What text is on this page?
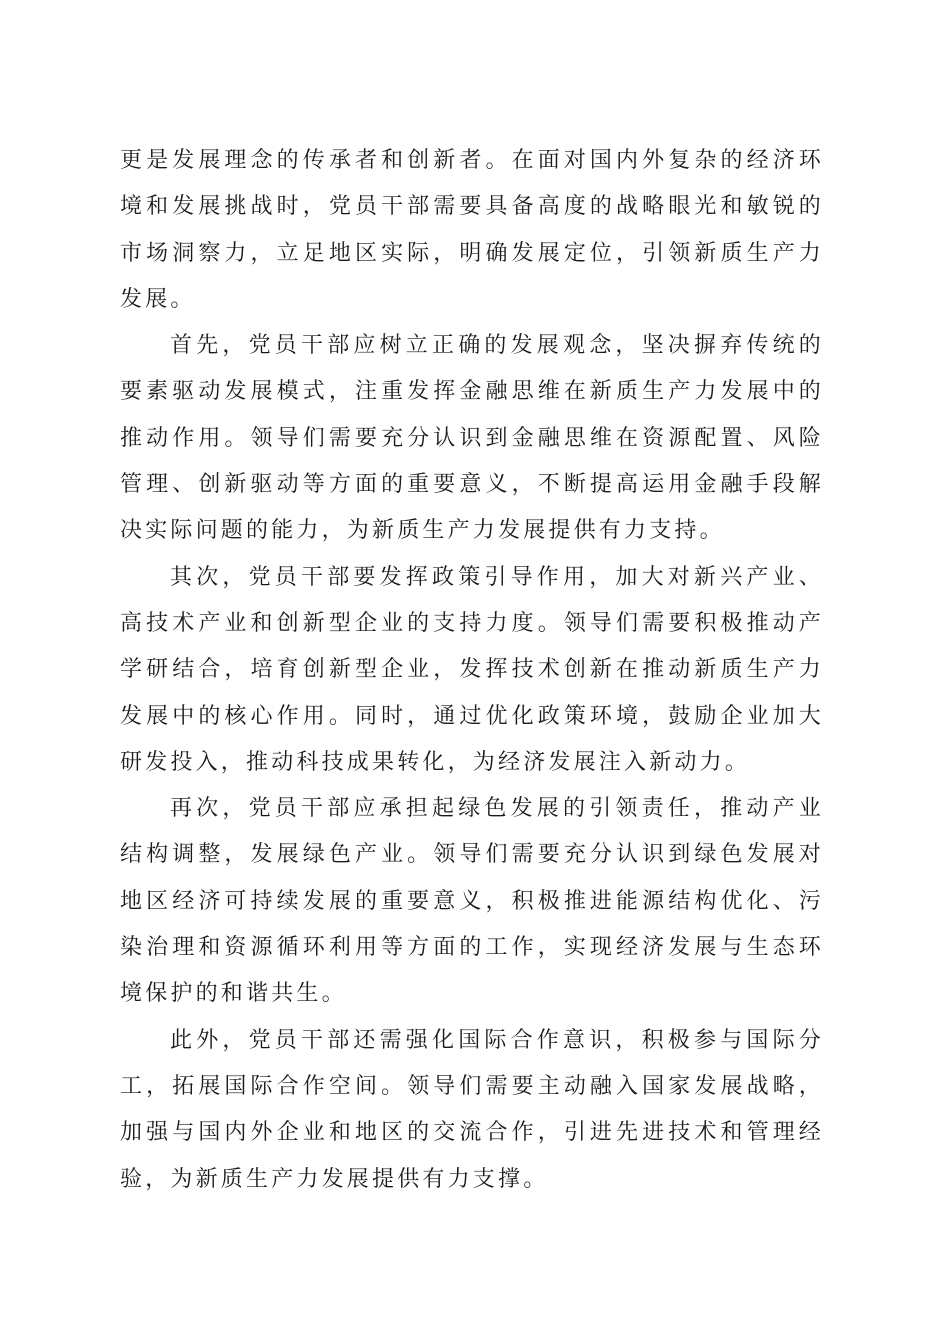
更是发展理念的传承者和创新者。在面对国内外复杂的经济环境和发展挑战时，党员干部需要具备高度的战略眼光和敏锐的市场洞察力，立足地区实际，明确发展定位，引领新质生产力发展。

首先，党员干部应树立正确的发展观念，坚决摒弃传统的要素驱动发展模式，注重发挥金融思维在新质生产力发展中的推动作用。领导们需要充分认识到金融思维在资源配置、风险管理、创新驱动等方面的重要意义，不断提高运用金融手段解决实际问题的能力，为新质生产力发展提供有力支持。

其次，党员干部要发挥政策引导作用，加大对新兴产业、高技术产业和创新型企业的支持力度。领导们需要积极推动产学研结合，培育创新型企业，发挥技术创新在推动新质生产力发展中的核心作用。同时，通过优化政策环境，鼓励企业加大研发投入，推动科技成果转化，为经济发展注入新动力。

再次，党员干部应承担起绿色发展的引领责任，推动产业结构调整，发展绿色产业。领导们需要充分认识到绿色发展对地区经济可持续发展的重要意义，积极推进能源结构优化、污染治理和资源循环利用等方面的工作，实现经济发展与生态环境保护的和谐共生。

此外，党员干部还需强化国际合作意识，积极参与国际分工，拓展国际合作空间。领导们需要主动融入国家发展战略，加强与国内外企业和地区的交流合作，引进先进技术和管理经验，为新质生产力发展提供有力支撑。
